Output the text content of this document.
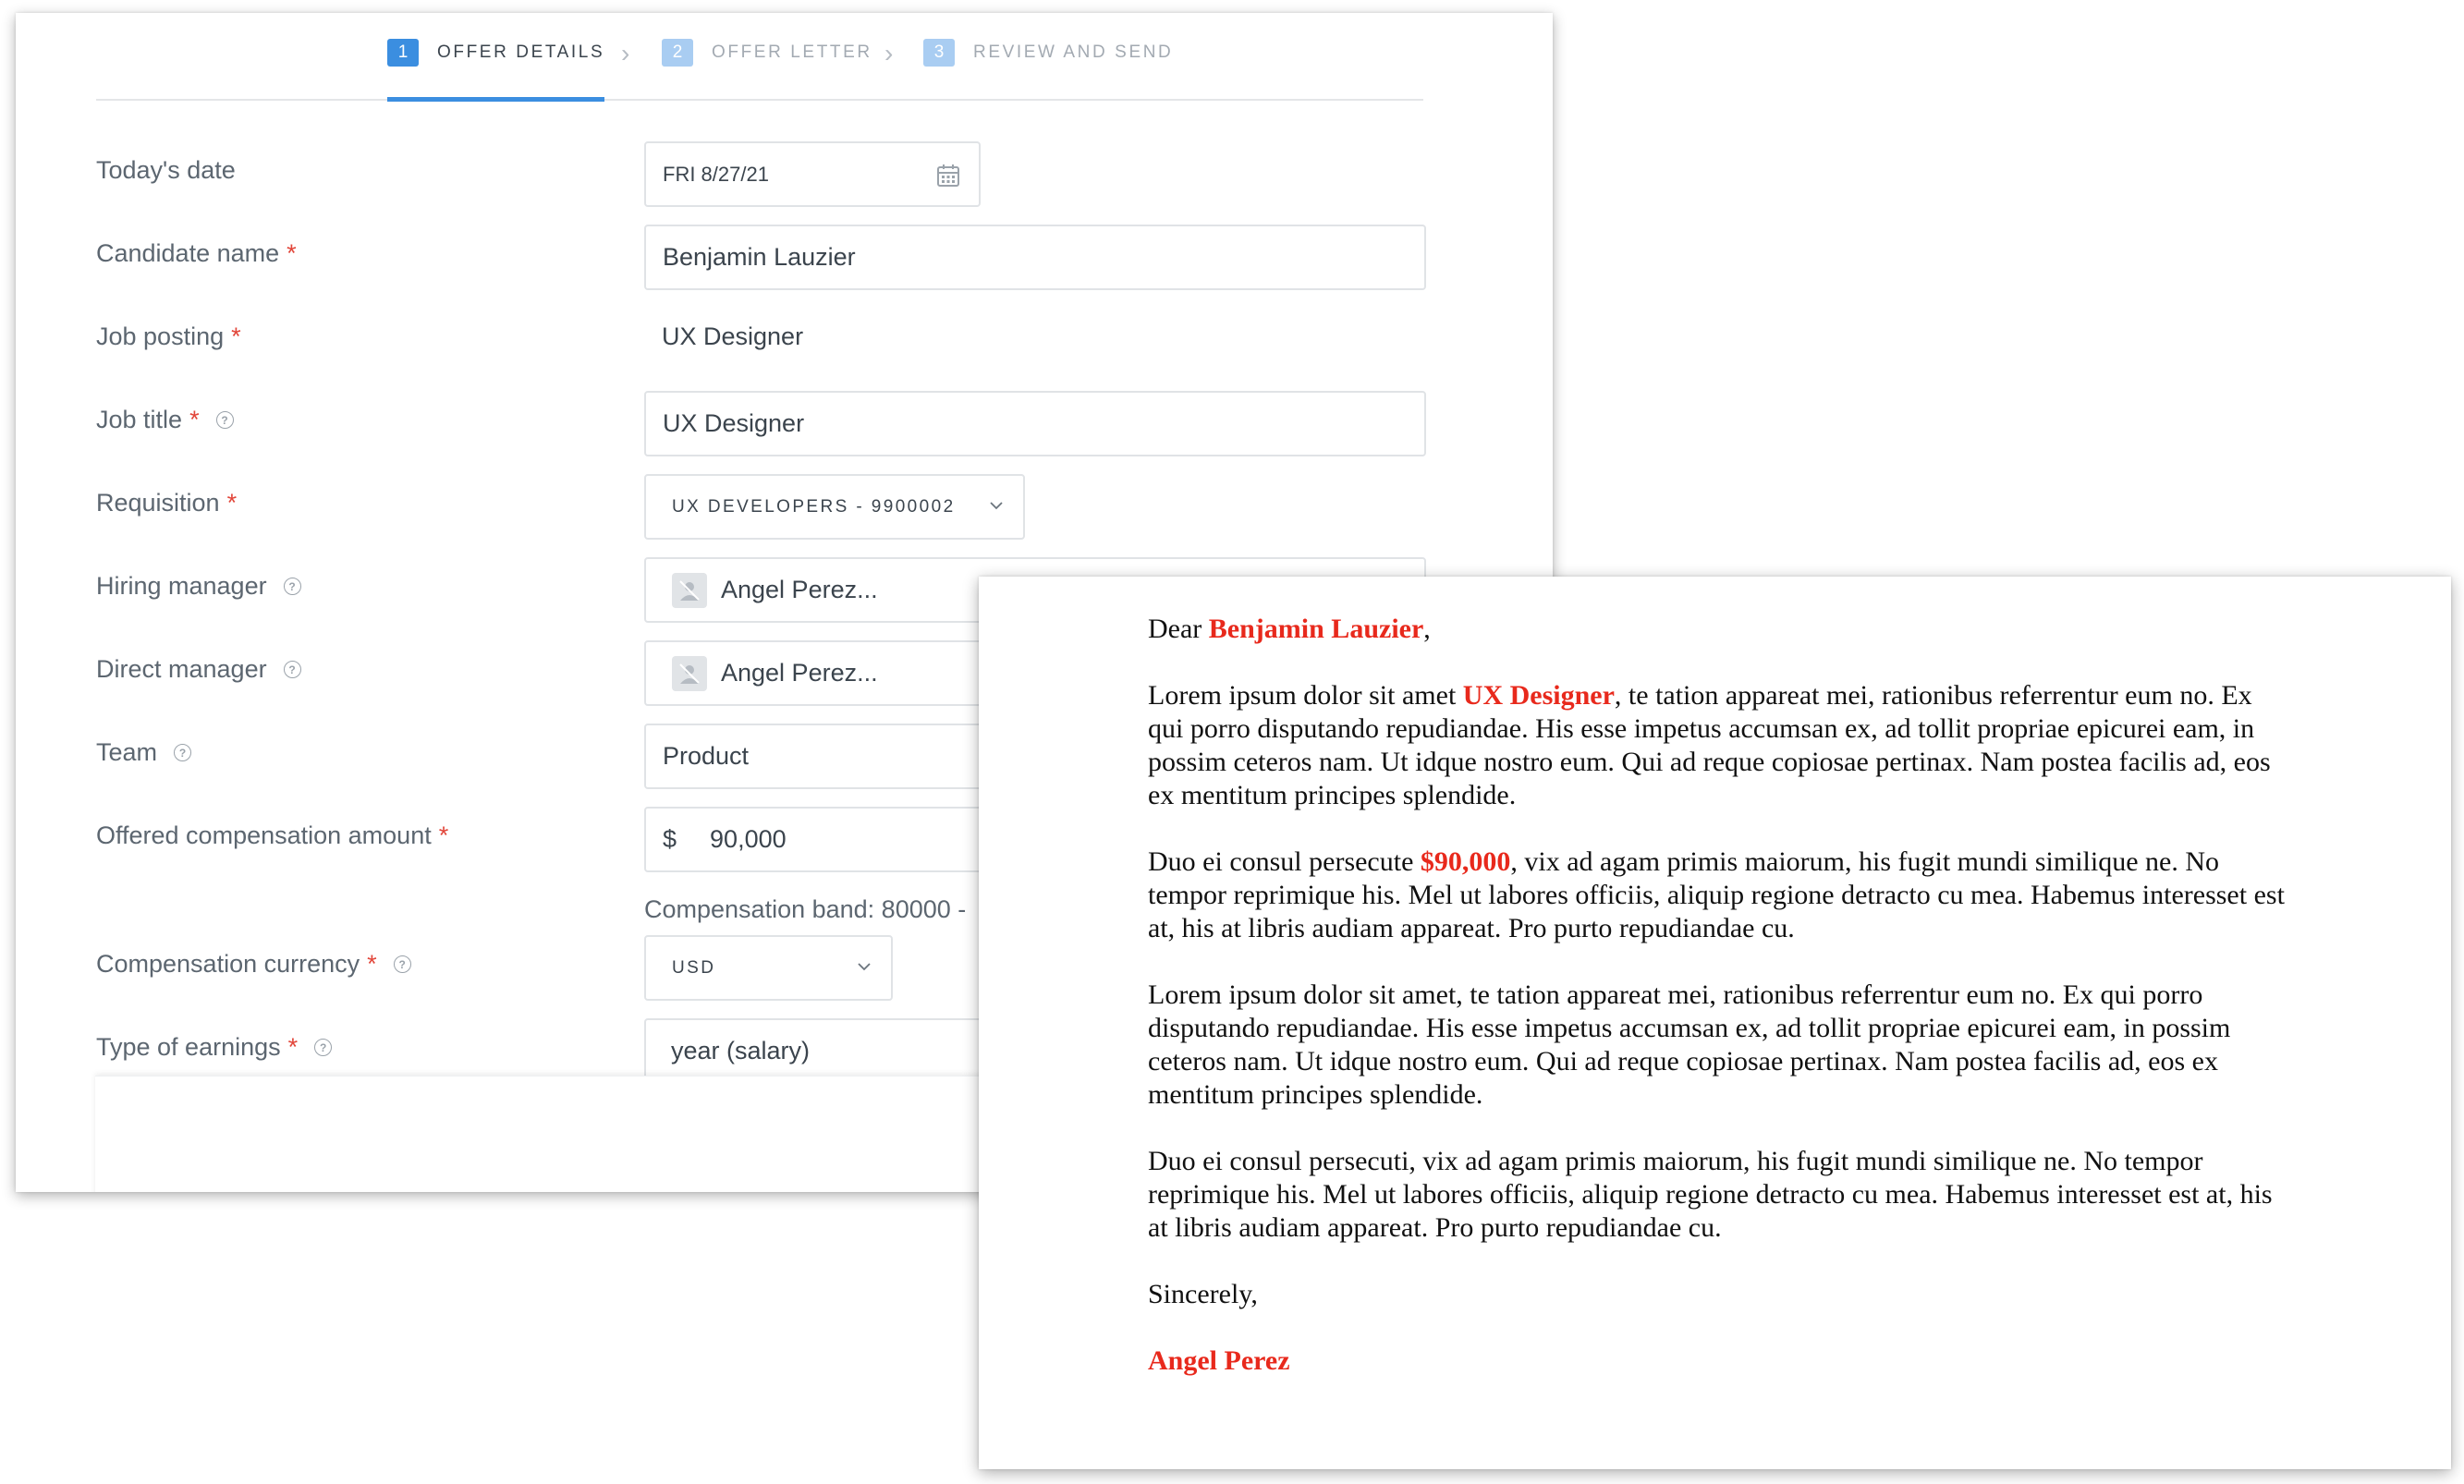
1	OFFER DETAILS ›	2	OFFER LETTER ›	3	REVIEW AND SEND
Today's date	FRI 8/27/21
Candidate name *	Benjamin Lauzier
Job posting *	UX Designer
Job title *	?	UX Designer
Requisition *	UX DEVELOPERS - 9900002
Hiring manager	?	Angel Perez...
Direct manager	?	Angel Perez...
Team	?	Product
Offered compensation amount *	$	90,000
Compensation band: 80000 -
Compensation currency *	?	USD
Type of earnings *	?	year (salary)

Dear Benjamin Lauzier,

Lorem ipsum dolor sit amet UX Designer, te tation appareat mei, rationibus referrentur eum no. Ex qui porro disputando repudiandae. His esse impetus accumsan ex, ad tollit propriae epicurei eam, in possim ceteros nam. Ut idque nostro eum. Qui ad reque copiosae pertinax. Nam postea facilis ad, eos ex mentitum principes splendide.

Duo ei consul persecute $90,000, vix ad agam primis maiorum, his fugit mundi similique ne. No tempor reprimique his. Mel ut labores officiis, aliquip regione detracto cu mea. Habemus interesset est at, his at libris audiam appareat. Pro purto repudiandae cu.

Lorem ipsum dolor sit amet, te tation appareat mei, rationibus referrentur eum no. Ex qui porro disputando repudiandae. His esse impetus accumsan ex, ad tollit propriae epicurei eam, in possim ceteros nam. Ut idque nostro eum. Qui ad reque copiosae pertinax. Nam postea facilis ad, eos ex mentitum principes splendide.

Duo ei consul persecuti, vix ad agam primis maiorum, his fugit mundi similique ne. No tempor reprimique his. Mel ut labores officiis, aliquip regione detracto cu mea. Habemus interesset est at, his at libris audiam appareat. Pro purto repudiandae cu.

Sincerely,

Angel Perez
